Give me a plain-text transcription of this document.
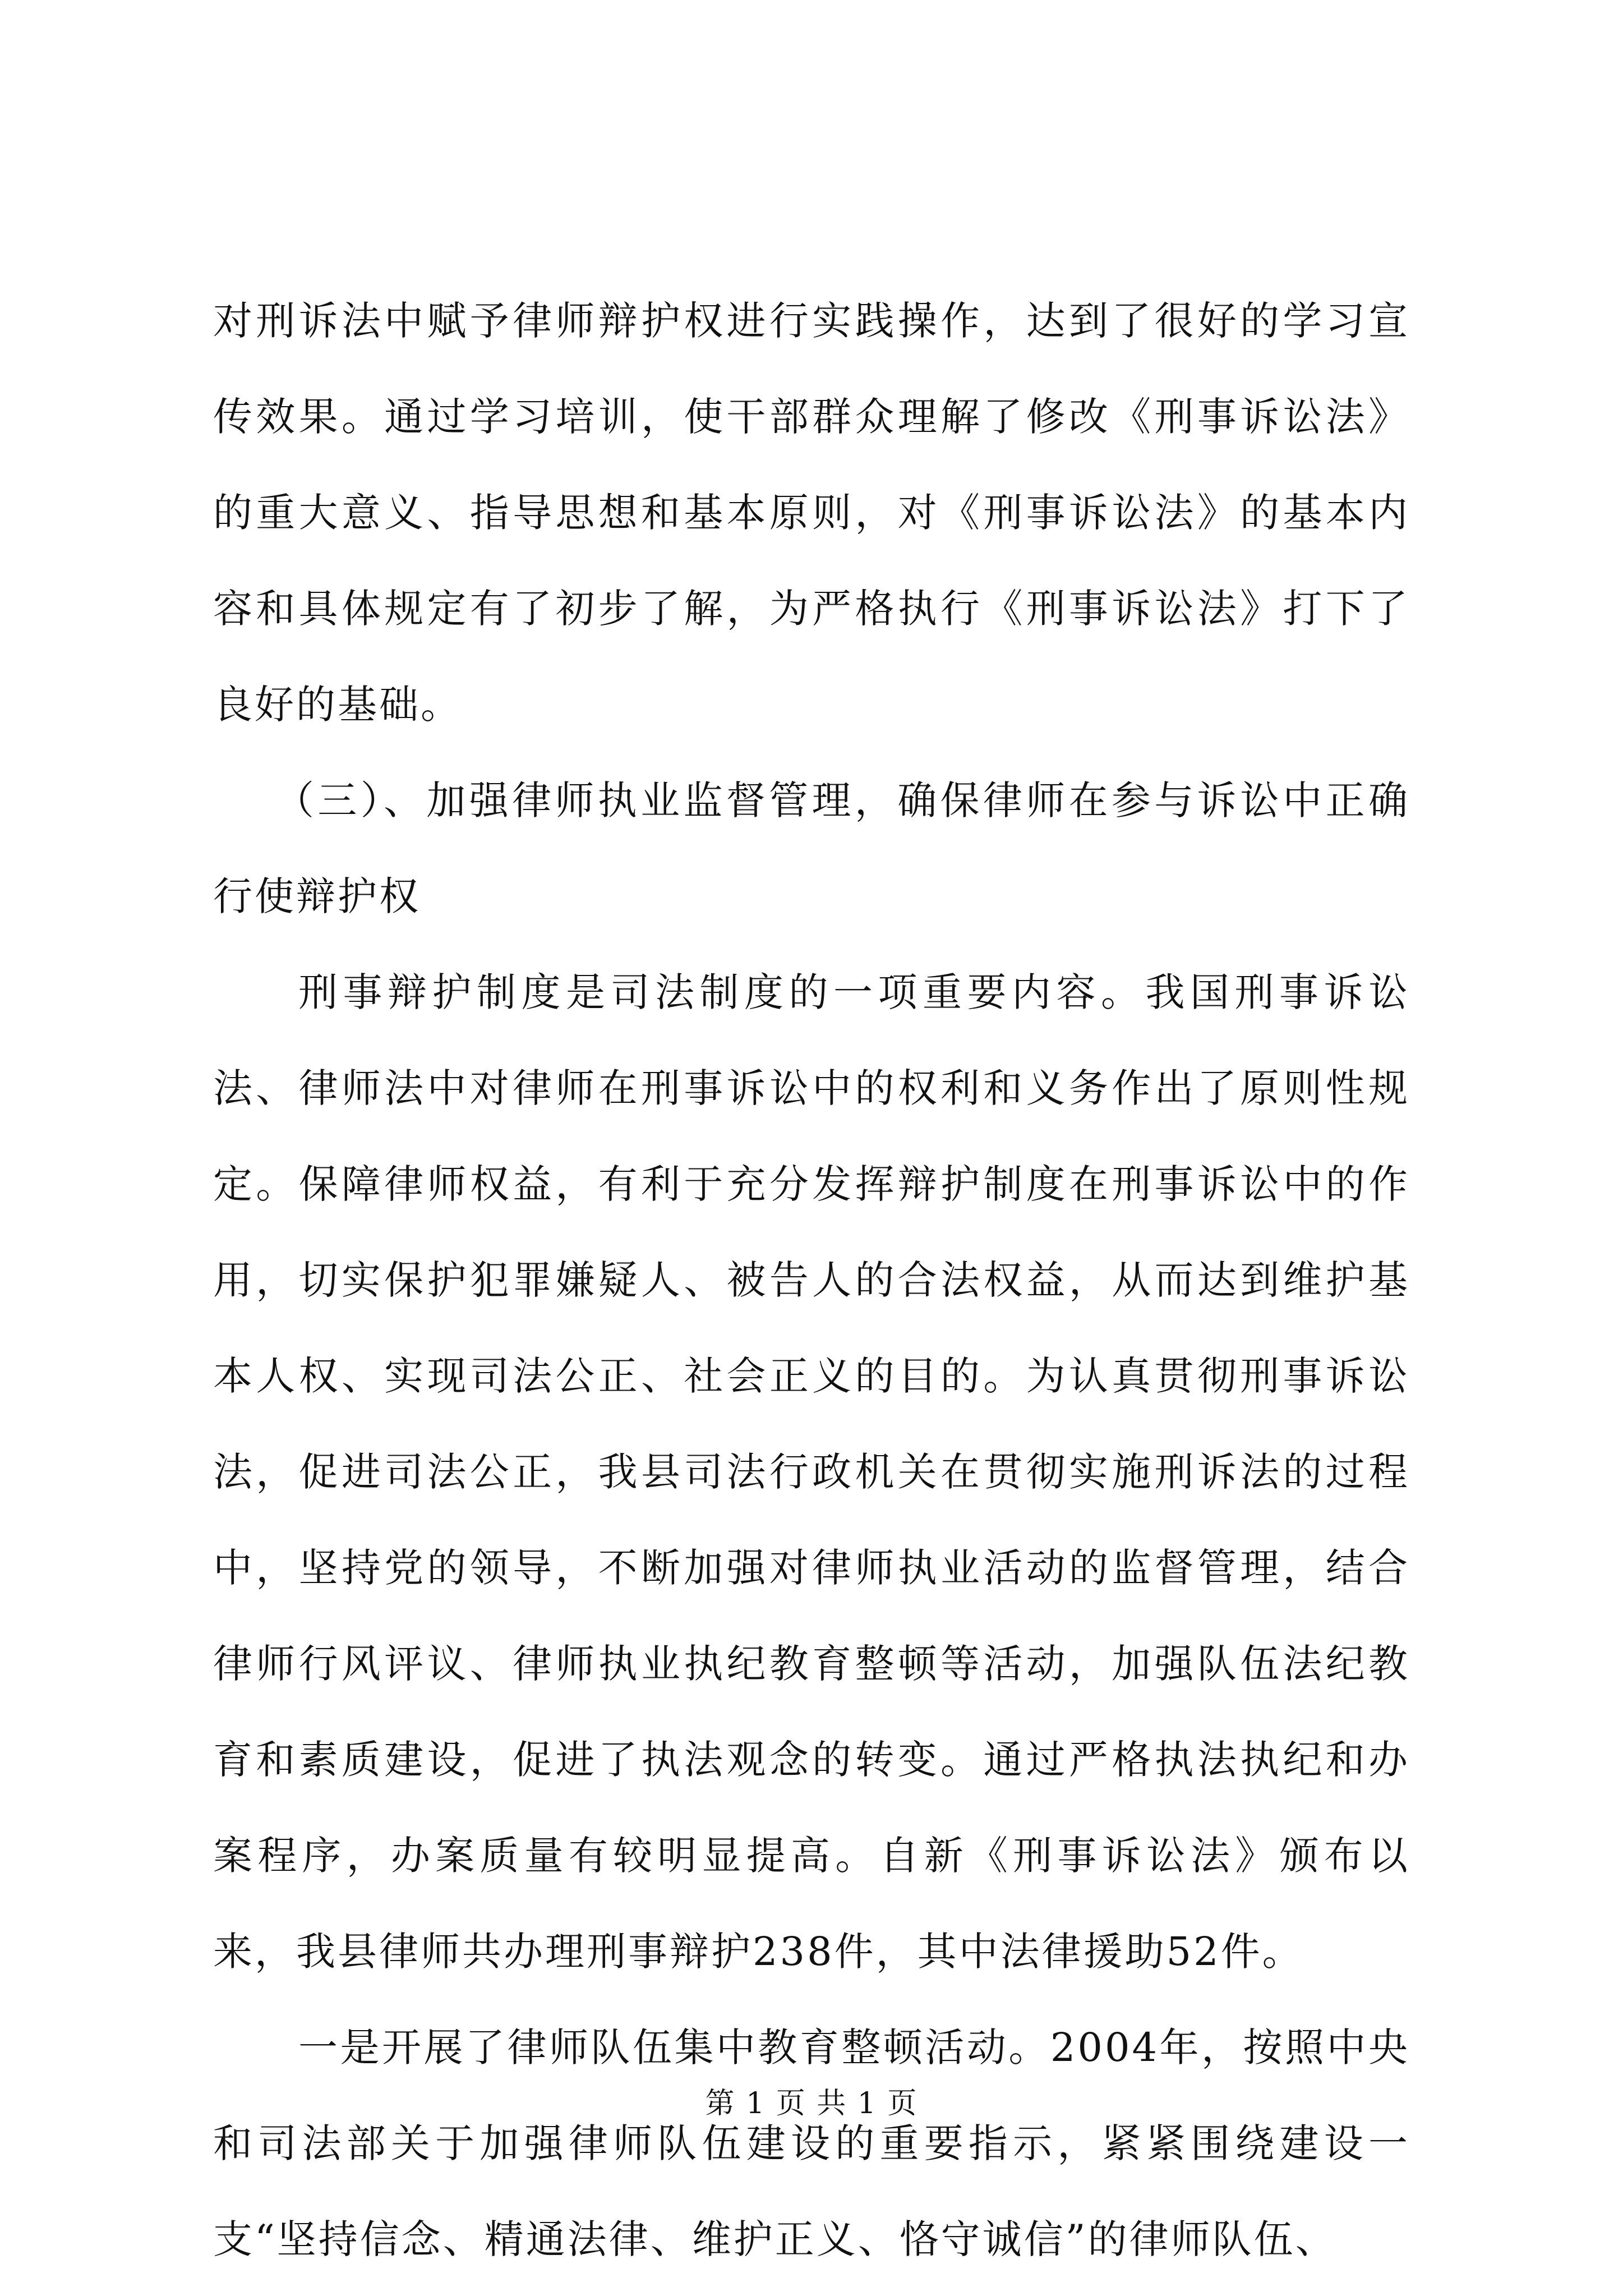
对刑诉法中赋予律师辩护权进行实践操作，达到了很好的学习宣传效果。通过学习培训，使干部群众理解了修改《刑事诉讼法》的重大意义、指导思想和基本原则，对《刑事诉讼法》的基本内容和具体规定有了初步了解，为严格执行《刑事诉讼法》打下了良好的基础。

（三）、加强律师执业监督管理，确保律师在参与诉讼中正确行使辩护权

刑事辩护制度是司法制度的一项重要内容。我国刑事诉讼法、律师法中对律师在刑事诉讼中的权利和义务作出了原则性规定。保障律师权益，有利于充分发挥辩护制度在刑事诉讼中的作用，切实保护犯罪嫌疑人、被告人的合法权益，从而达到维护基本人权、实现司法公正、社会正义的目的。为认真贯彻刑事诉讼法，促进司法公正，我县司法行政机关在贯彻实施刑诉法的过程中，坚持党的领导，不断加强对律师执业活动的监督管理，结合律师行风评议、律师执业执纪教育整顿等活动，加强队伍法纪教育和素质建设，促进了执法观念的转变。通过严格执法执纪和办案程序，办案质量有较明显提高。自新《刑事诉讼法》颁布以来，我县律师共办理刑事辩护238件，其中法律援助52件。

一是开展了律师队伍集中教育整顿活动。2004年，按照中央和司法部关于加强律师队伍建设的重要指示，紧紧围绕建设一支“坚持信念、精通法律、维护正义、恪守诚信”的律师队伍、

第 1 页 共 1 页
